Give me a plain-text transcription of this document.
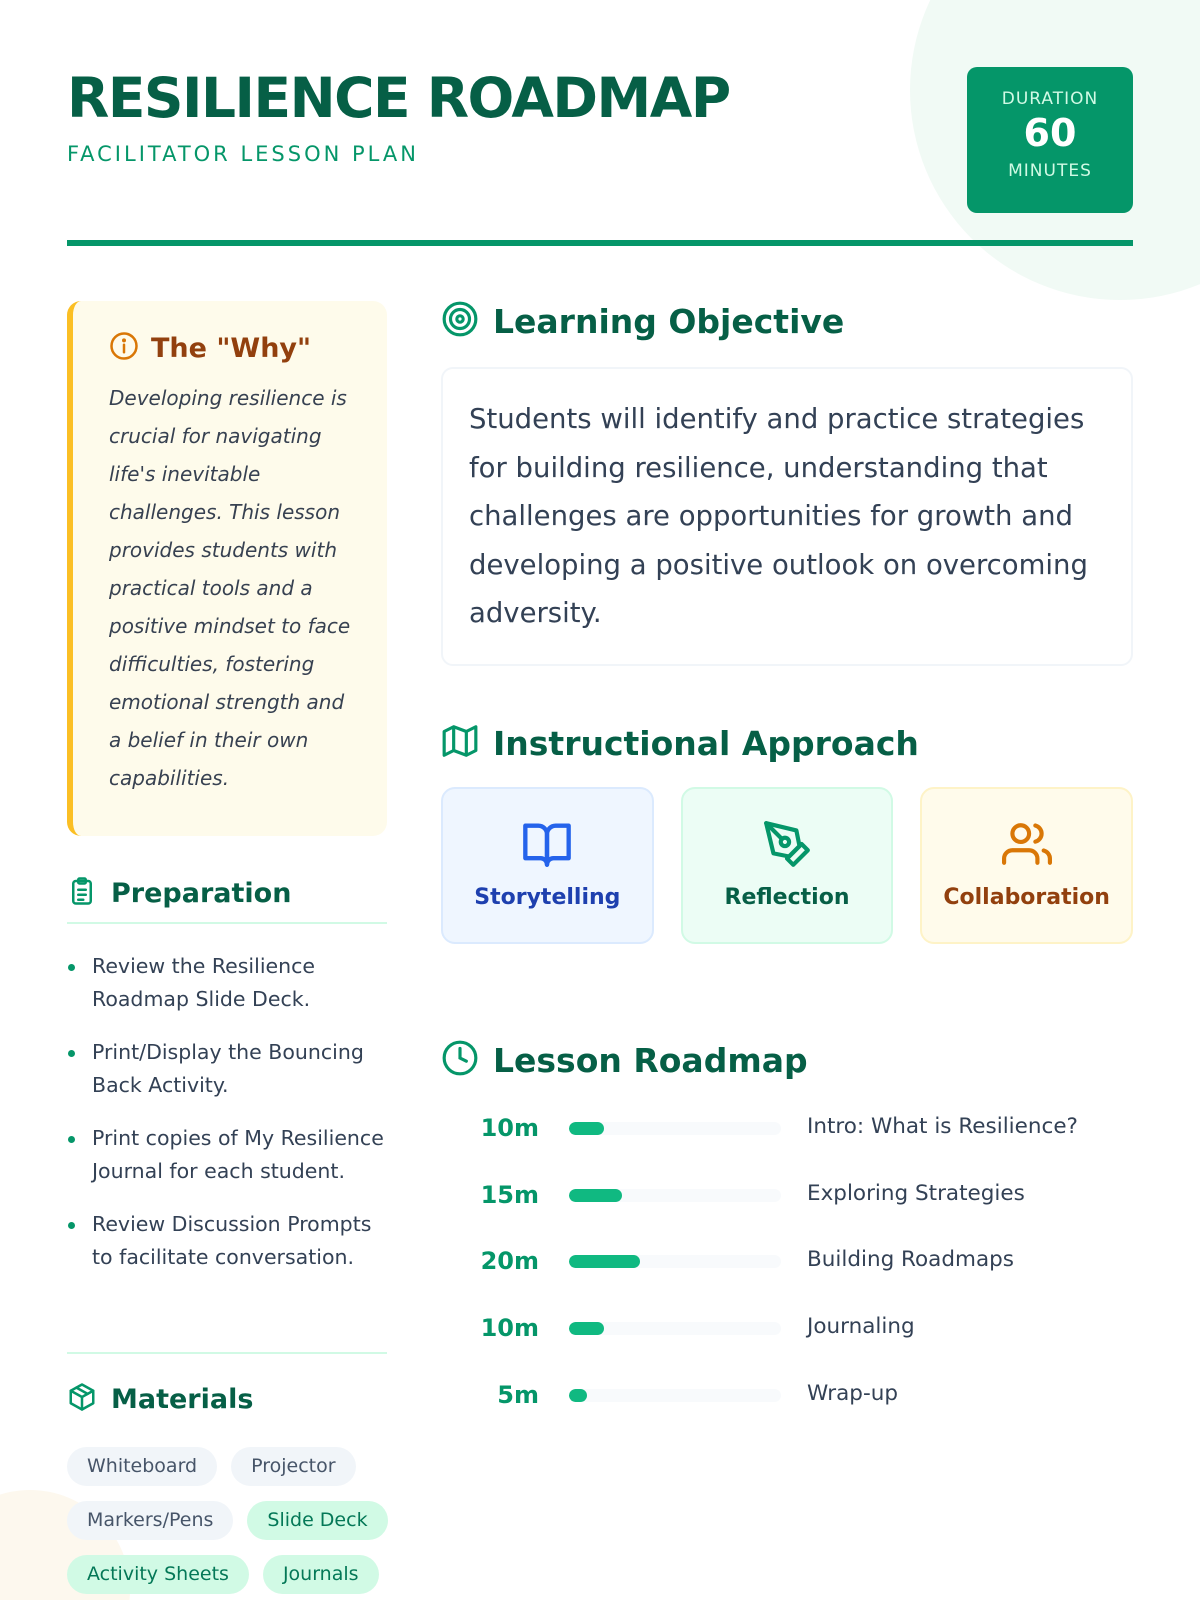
RESILIENCE ROADMAP
FACILITATOR LESSON PLAN
DURATION
60
MINUTES
The "Why"

Developing resilience is crucial for navigating life's inevitable challenges. This lesson provides students with practical tools and a positive mindset to face difficulties, fostering emotional strength and a belief in their own capabilities.

Preparation
Review the Resilience Roadmap Slide Deck.
Print/Display the Bouncing Back Activity.
Print copies of My Resilience Journal for each student.
Review Discussion Prompts to facilitate conversation.
Materials
Whiteboard	Projector
Markers/Pens	Slide Deck
Activity Sheets	Journals
Learning Objective
Students will identify and practice strategies for building resilience, understanding that challenges are opportunities for growth and developing a positive outlook on overcoming adversity.
Instructional Approach
Storytelling	Reflection	Collaboration
Lesson Roadmap
10m	Intro: What is Resilience?
15m	Exploring Strategies
20m	Building Roadmaps
10m	Journaling
5m	Wrap-up
